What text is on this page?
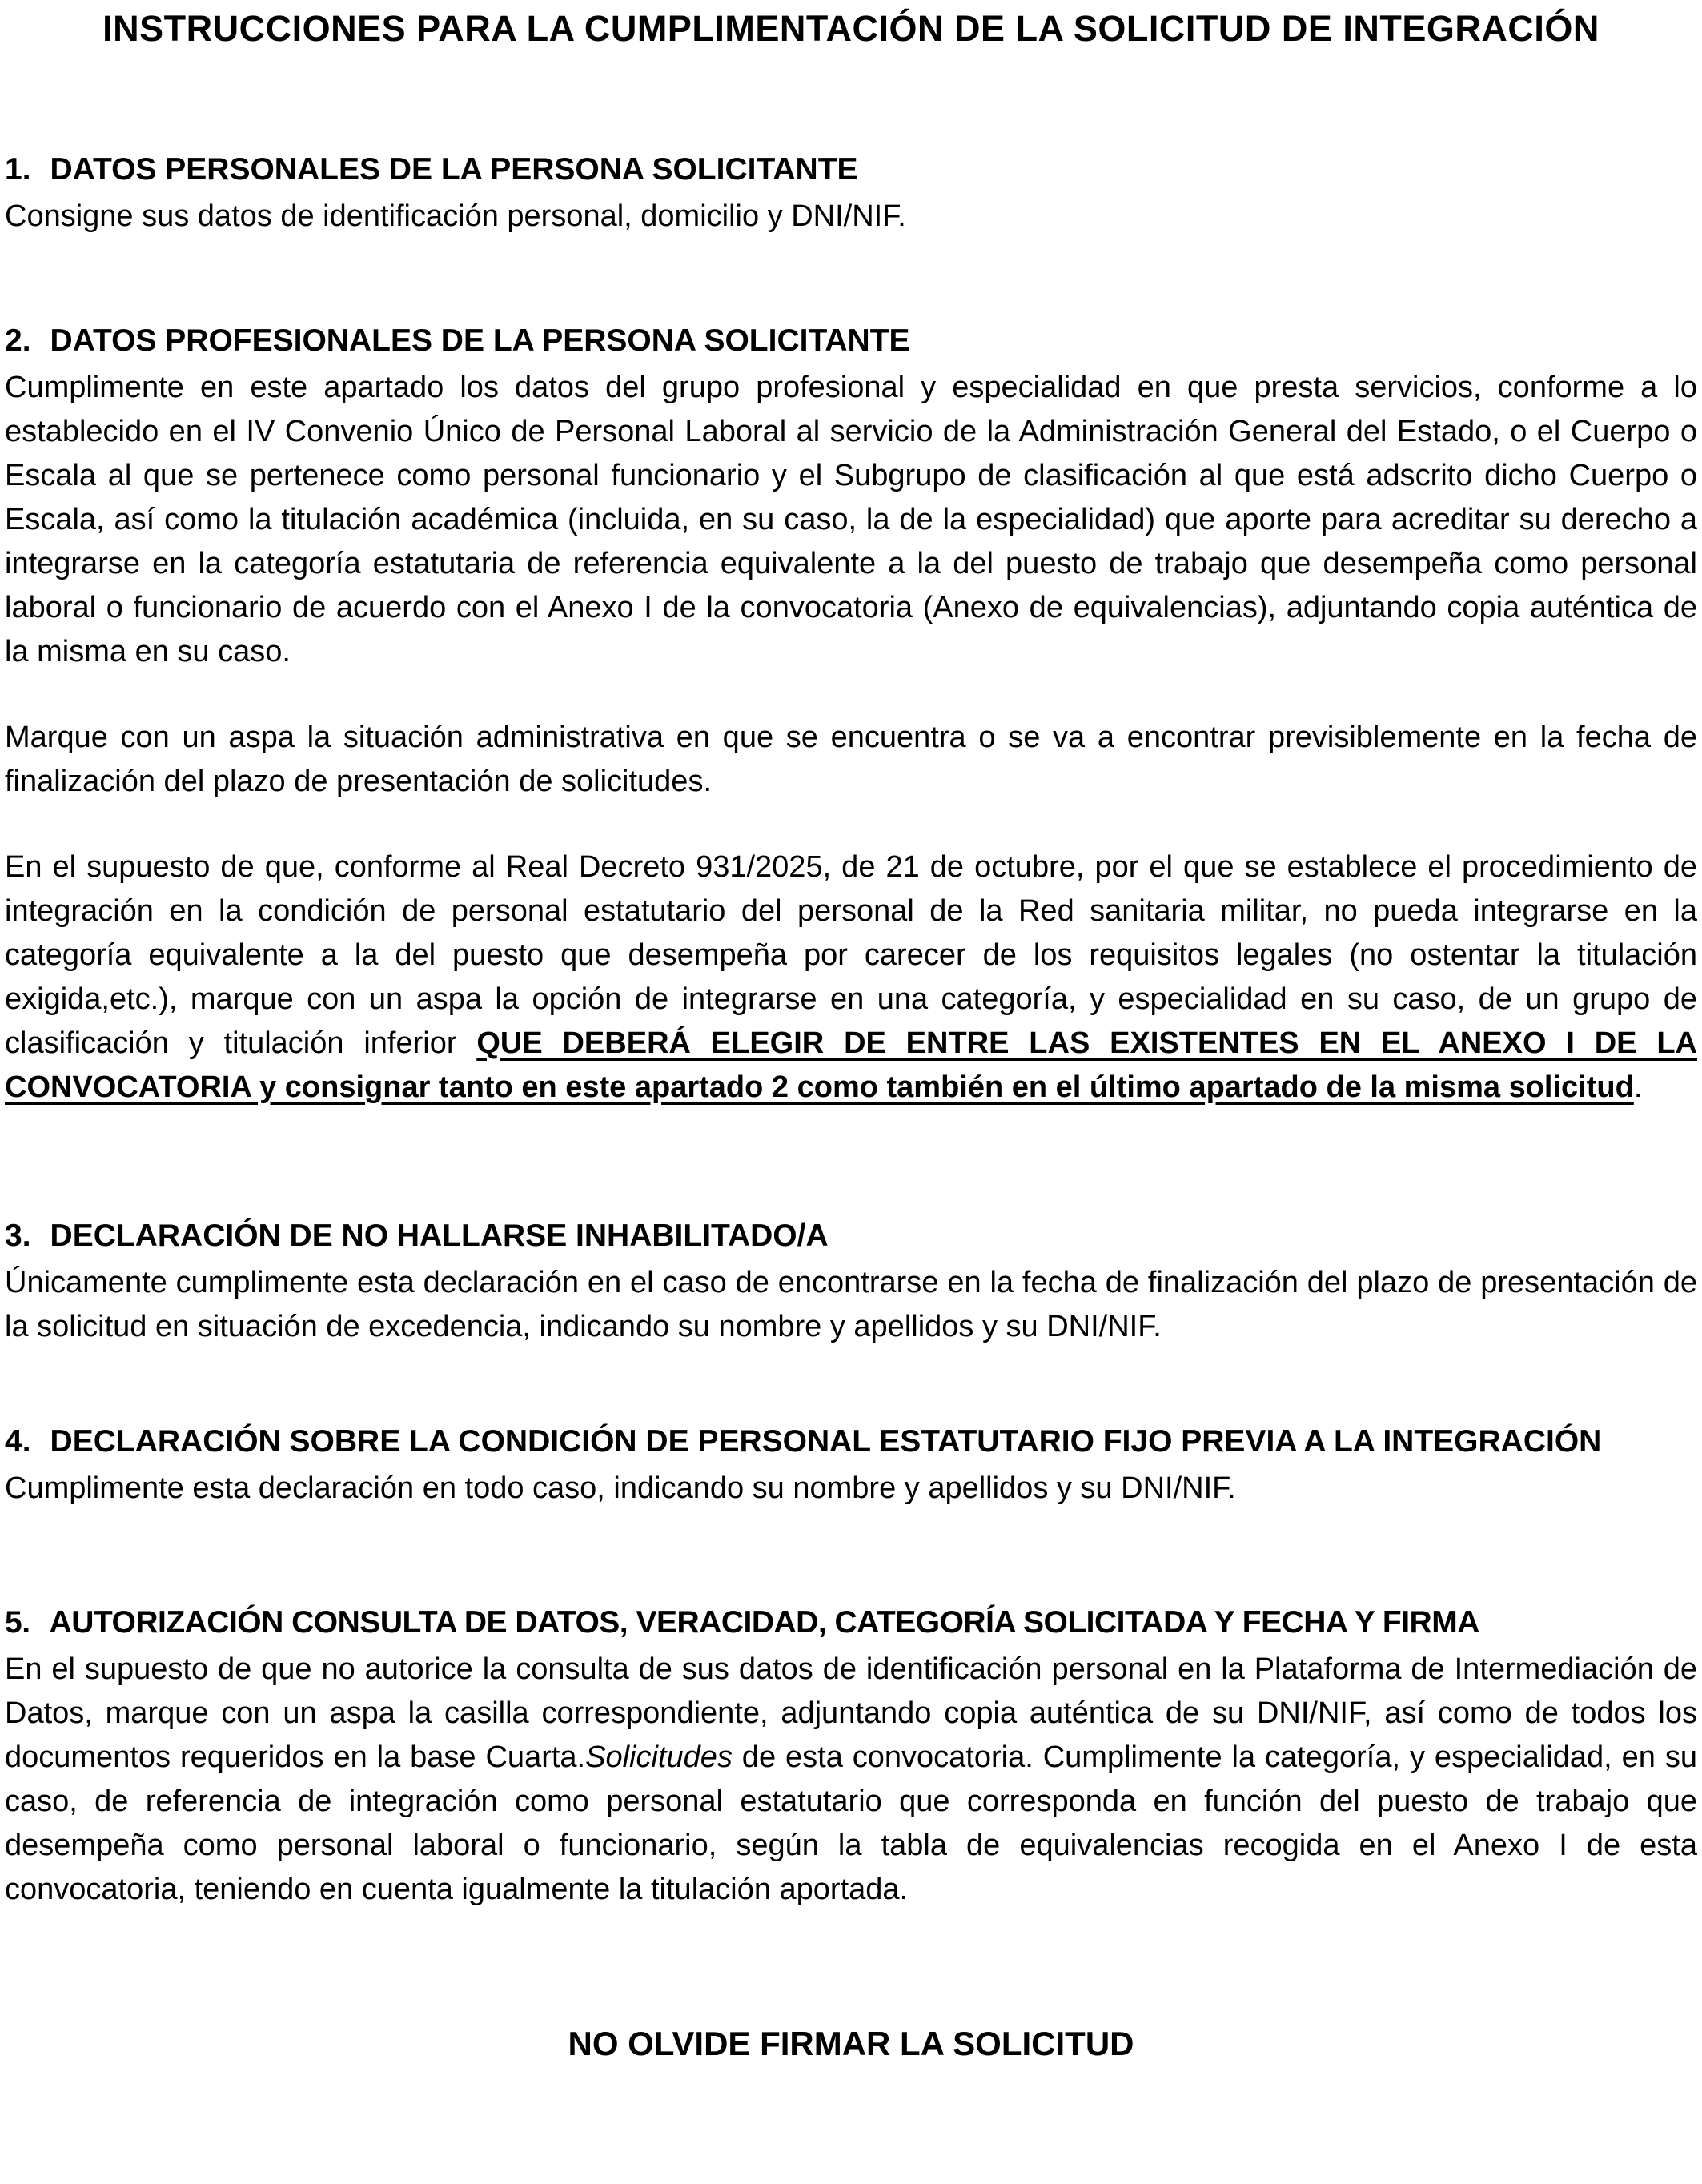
INSTRUCCIONES PARA LA CUMPLIMENTACIÓN DE LA SOLICITUD DE INTEGRACIÓN
1. DATOS PERSONALES DE LA PERSONA SOLICITANTE

Consigne sus datos de identificación personal, domicilio y DNI/NIF.

2. DATOS PROFESIONALES DE LA PERSONA SOLICITANTE

Cumplimente en este apartado los datos del grupo profesional y especialidad en que presta servicios, conforme a lo establecido en el IV Convenio Único de Personal Laboral al servicio de la Administración General del Estado, o el Cuerpo o Escala al que se pertenece como personal funcionario y el Subgrupo de clasificación al que está adscrito dicho Cuerpo o Escala, así como la titulación académica (incluida, en su caso, la de la especialidad) que aporte para acreditar su derecho a integrarse en la categoría estatutaria de referencia equivalente a la del puesto de trabajo que desempeña como personal laboral o funcionario de acuerdo con el Anexo I de la convocatoria (Anexo de equivalencias), adjuntando copia auténtica de la misma en su caso.

Marque con un aspa la situación administrativa en que se encuentra o se va a encontrar previsiblemente en la fecha de finalización del plazo de presentación de solicitudes.

En el supuesto de que, conforme al Real Decreto 931/2025, de 21 de octubre, por el que se establece el procedimiento de integración en la condición de personal estatutario del personal de la Red sanitaria militar, no pueda integrarse en la categoría equivalente a la del puesto que desempeña por carecer de los requisitos legales (no ostentar la titulación exigida,etc.), marque con un aspa la opción de integrarse en una categoría, y especialidad en su caso, de un grupo de clasificación y titulación inferior QUE DEBERÁ ELEGIR DE ENTRE LAS EXISTENTES EN EL ANEXO I DE LA CONVOCATORIA y consignar tanto en este apartado 2 como también en el último apartado de la misma solicitud.

3. DECLARACIÓN DE NO HALLARSE INHABILITADO/A

Únicamente cumplimente esta declaración en el caso de encontrarse en la fecha de finalización del plazo de presentación de la solicitud en situación de excedencia, indicando su nombre y apellidos y su DNI/NIF.

4. DECLARACIÓN SOBRE LA CONDICIÓN DE PERSONAL ESTATUTARIO FIJO PREVIA A LA INTEGRACIÓN

Cumplimente esta declaración en todo caso, indicando su nombre y apellidos y su DNI/NIF.

5. AUTORIZACIÓN CONSULTA DE DATOS, VERACIDAD, CATEGORÍA SOLICITADA Y FECHA Y FIRMA

En el supuesto de que no autorice la consulta de sus datos de identificación personal en la Plataforma de Intermediación de Datos, marque con un aspa la casilla correspondiente, adjuntando copia auténtica de su DNI/NIF, así como de todos los documentos requeridos en la base Cuarta.Solicitudes de esta convocatoria. Cumplimente la categoría, y especialidad, en su caso, de referencia de integración como personal estatutario que corresponda en función del puesto de trabajo que desempeña como personal laboral o funcionario, según la tabla de equivalencias recogida en el Anexo I de esta convocatoria, teniendo en cuenta igualmente la titulación aportada.

NO OLVIDE FIRMAR LA SOLICITUD
